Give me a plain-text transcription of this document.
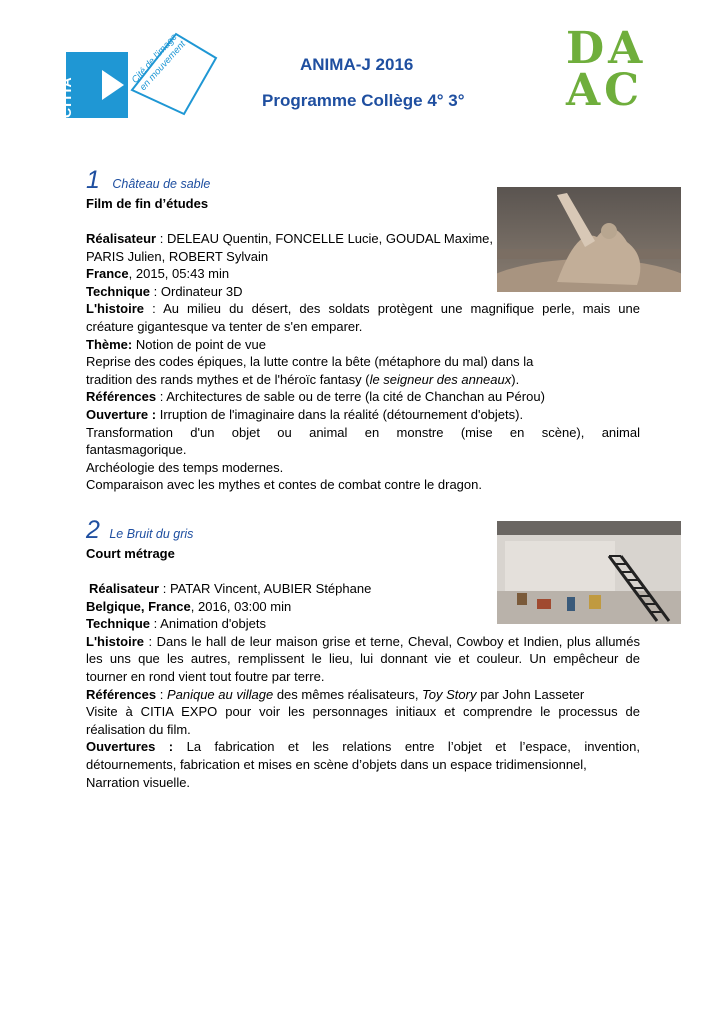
Cité de l'image en mouvement
CITIA
ANIMA-J 2016
Programme Collège 4° 3°
DA
AC
1 Château de sable
Film de fin d’études
Réalisateur : DELEAU Quentin, FONCELLE Lucie, GOUDAL Maxime,
PARIS Julien, ROBERT Sylvain
France, 2015, 05:43 min
Technique : Ordinateur 3D
L'histoire : Au milieu du désert, des soldats protègent une magnifique perle, mais une
créature gigantesque va tenter de s'en emparer.
Thème: Notion de point de vue
Reprise des codes épiques, la lutte contre la bête (métaphore du mal) dans la
tradition des rands mythes et de l'héroïc fantasy (le seigneur des anneaux).
Références : Architectures de sable ou de terre (la cité de Chanchan au Pérou)
Ouverture : Irruption de l'imaginaire dans la réalité (détournement d'objets).
Transformation d'un objet ou animal en monstre (mise en scène), animal
fantasmagorique.
Archéologie des temps modernes.
Comparaison avec les mythes et contes de combat contre le dragon.
2 Le Bruit du gris
Court métrage
Réalisateur : PATAR Vincent, AUBIER Stéphane
Belgique, France, 2016, 03:00 min
Technique : Animation d'objets
L'histoire : Dans le hall de leur maison grise et terne, Cheval, Cowboy et Indien, plus allumés
les uns que les autres, remplissent le lieu, lui donnant vie et couleur. Un empêcheur de
tourner en rond vient tout foutre par terre.
Références : Panique au village des mêmes réalisateurs, Toy Story par John Lasseter
Visite à CITIA EXPO pour voir les personnages initiaux et comprendre le processus de
réalisation du film.
Ouvertures : La fabrication et les relations entre l’objet et l’espace, invention,
détournements, fabrication et mises en scène d’objets dans un espace tridimensionnel,
Narration visuelle.
